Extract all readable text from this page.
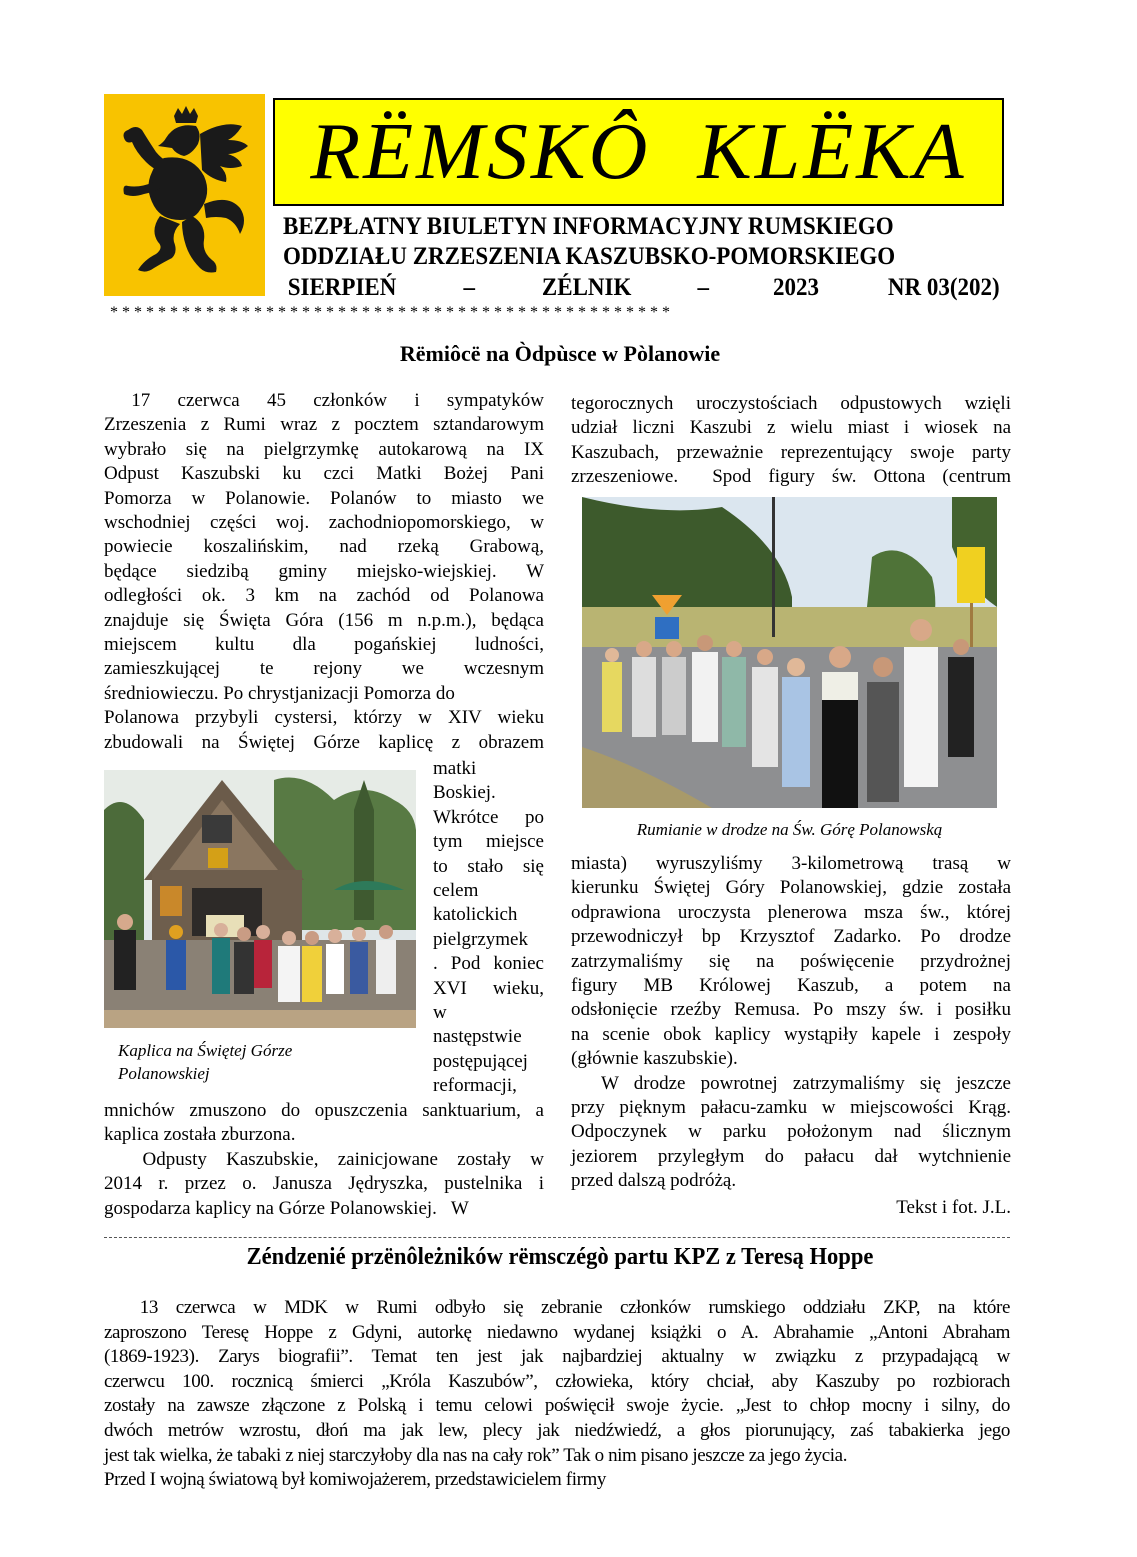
RËMSKÔ  KLËKA
BEZPŁATNY BIULETYN INFORMACYJNY RUMSKIEGO
ODDZIAŁU ZRZESZENIA KASZUBSKO-POMORSKIEGO
SIERPIEŃ	–	ZÉLNIK	–	2023	NR 03(202)
* * * * * * * * * * * * * * * * * * * * * * * * * * * * * * * * * * * * * * * * * * * * * * *
Rëmiôcë na Òdpùsce w Pòlanowie
17  czerwca  45  członków  i  sympatyków
Zrzeszenia z Rumi wraz z pocztem sztandarowym
wybrało się na pielgrzymkę autokarową na IX
Odpust Kaszubski ku czci Matki Bożej Pani
Pomorza w Polanowie. Polanów to miasto we
wschodniej części woj. zachodniopomorskiego, w
powiecie koszalińskim, nad rzeką Grabową,
będące siedzibą gminy miejsko-wiejskiej. W
odległości ok. 3 km na zachód od Polanowa
znajduje się Święta Góra (156 m n.p.m.), będąca
miejscem kultu dla pogańskiej ludności,
zamieszkującej te rejony we wczesnym
średniowieczu. Po chrystjanizacji Pomorza do
Polanowa przybyli cystersi, którzy w XIV wieku
zbudowali na Świętej Górze kaplicę z obrazem
matki
Boskiej.
Wkrótce po
tym miejsce
to stało się
celem
katolickich
pielgrzymek
. Pod koniec
XVI wieku,
w
następstwie
postępującej
reformacji,
mnichów zmuszono do opuszczenia sanktuarium, a
kaplica została zburzona.
Odpusty Kaszubskie, zainicjowane zostały w
2014 r. przez o. Janusza Jędryszka, pustelnika i
gospodarza kaplicy na Górze Polanowskiej.   W
Kaplica na Świętej Górze
Polanowskiej
tegorocznych uroczystościach odpustowych wzięli
udział liczni Kaszubi z wielu miast i wiosek na
Kaszubach, przeważnie reprezentujący swoje party
zrzeszeniowe.  Spod figury św. Ottona (centrum
Rumianie w drodze na Św. Górę Polanowską
miasta) wyruszyliśmy 3-kilometrową trasą w
kierunku Świętej Góry Polanowskiej, gdzie została
odprawiona uroczysta plenerowa msza św., której
przewodniczył bp Krzysztof Zadarko. Po drodze
zatrzymaliśmy się na poświęcenie przydrożnej
figury MB Królowej Kaszub, a potem na
odsłonięcie rzeźby Remusa. Po mszy św. i posiłku
na scenie obok kaplicy wystąpiły kapele i zespoły
(głównie kaszubskie).
W drodze powrotnej zatrzymaliśmy się jeszcze
przy pięknym pałacu-zamku w miejscowości Krąg.
Odpoczynek w parku położonym nad ślicznym
jeziorem przyległym do pałacu dał wytchnienie
przed dalszą podróżą.
Tekst i fot. J.L.
Zéndzenié przënôleżników rëmsczégò partu KPZ z Teresą Hoppe
13 czerwca w MDK w Rumi odbyło się zebranie członków rumskiego oddziału ZKP, na które
zaproszono Teresę Hoppe z Gdyni, autorkę niedawno wydanej książki o A. Abrahamie „Antoni Abraham
(1869-1923). Zarys biografii”. Temat ten jest jak najbardziej aktualny w związku z przypadającą w
czerwcu 100. rocznicą śmierci „Króla Kaszubów”, człowieka, który chciał, aby Kaszuby po rozbiorach
zostały na zawsze złączone z Polską i temu celowi poświęcił swoje życie. „Jest to chłop mocny i silny, do
dwóch metrów wzrostu, dłoń ma jak lew, plecy jak niedźwiedź, a głos piorunujący, zaś tabakierka jego
jest tak wielka, że tabaki z niej starczyłoby dla nas na cały rok” Tak o nim pisano jeszcze za jego życia.
Przed I wojną światową był komiwojażerem, przedstawicielem firmy
